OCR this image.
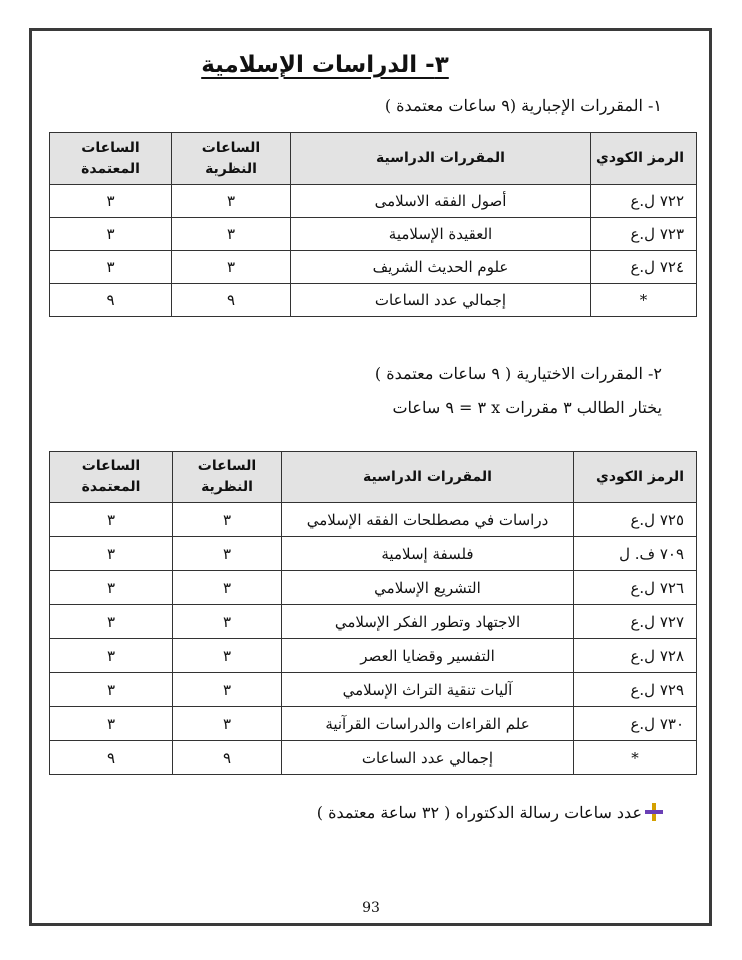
٣- الدراسات الإسلامية
١- المقررات الإجبارية (٩ ساعات معتمدة )
الرمز الكودي	المقررات الدراسية	الساعات النظرية	الساعات المعتمدة
٧٢٢ ل.ع	أصول الفقه الاسلامى	٣	٣
٧٢٣ ل.ع	العقيدة الإسلامية	٣	٣
٧٢٤ ل.ع	علوم الحديث الشريف	٣	٣
*	إجمالي عدد الساعات	٩	٩
٢- المقررات الاختيارية ( ٩ ساعات معتمدة )
يختار الطالب ٣ مقررات x ٣ = ٩ ساعات
الرمز الكودي	المقررات الدراسية	الساعات النظرية	الساعات المعتمدة
٧٢٥ ل.ع	دراسات في مصطلحات الفقه الإسلامي	٣	٣
٧٠٩ ف. ل	فلسفة إسلامية	٣	٣
٧٢٦ ل.ع	التشريع الإسلامي	٣	٣
٧٢٧ ل.ع	الاجتهاد وتطور الفكر الإسلامي	٣	٣
٧٢٨ ل.ع	التفسير وقضايا العصر	٣	٣
٧٢٩ ل.ع	آليات تنقية التراث الإسلامي	٣	٣
٧٣٠ ل.ع	علم القراءات والدراسات القرآنية	٣	٣
*	إجمالي عدد الساعات	٩	٩
عدد ساعات رسالة الدكتوراه ( ٣٢ ساعة معتمدة )
93
